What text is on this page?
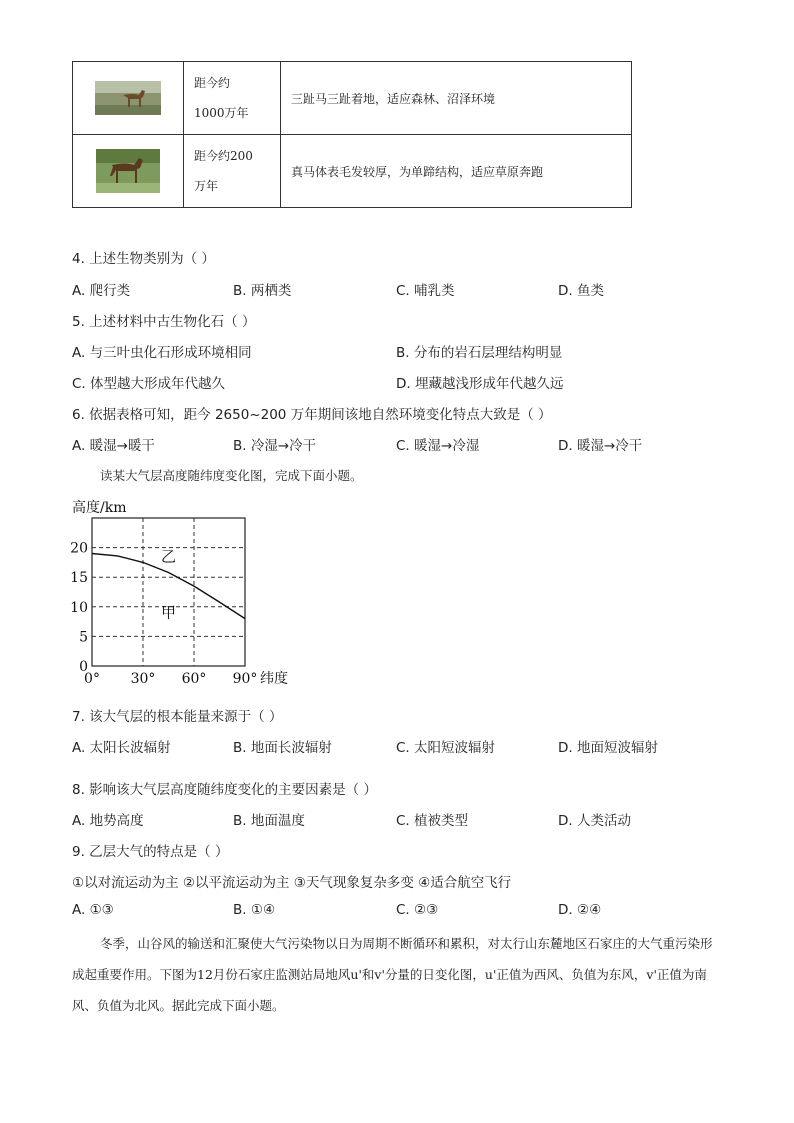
距今约1000万年	三趾马三趾着地，适应森林、沼泽环境

距今约200万年	真马体表毛发较厚，为单蹄结构，适应草原奔跑
4. 上述生物类别为（ ）
A. 爬行类	B. 两栖类	C. 哺乳类	D. 鱼类
5. 上述材料中古生物化石（ ）
A. 与三叶虫化石形成环境相同	B. 分布的岩石层理结构明显
C. 体型越大形成年代越久	D. 埋藏越浅形成年代越久远
6. 依据表格可知，距今 2650~200 万年期间该地自然环境变化特点大致是（ ）
A. 暖湿→暖干	B. 冷湿→冷干	C. 暖湿→冷湿	D. 暖湿→冷干
读某大气层高度随纬度变化图，完成下面小题。
高度/km
0
5
10
15
20
0° 30° 60° 90° 纬度
乙
甲
7. 该大气层的根本能量来源于（ ）
A. 太阳长波辐射	B. 地面长波辐射	C. 太阳短波辐射	D. 地面短波辐射
8. 影响该大气层高度随纬度变化的主要因素是（ ）
A. 地势高度	B. 地面温度	C. 植被类型	D. 人类活动
9. 乙层大气的特点是（ ）
①以对流运动为主 ②以平流运动为主 ③天气现象复杂多变 ④适合航空飞行
A. ①③	B. ①④	C. ②③	D. ②④
冬季，山谷风的输送和汇聚使大气污染物以日为周期不断循环和累积，对太行山东麓地区石家庄的大气重污染形成起重要作用。下图为12月份石家庄监测站局地风u'和v'分量的日变化图，u'正值为西风、负值为东风，v'正值为南风、负值为北风。据此完成下面小题。
